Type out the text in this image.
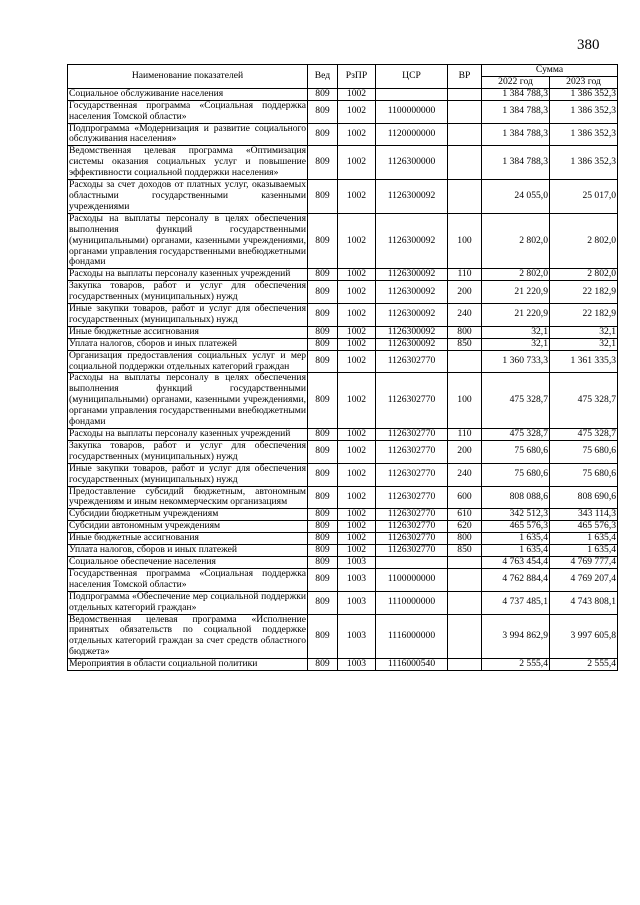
380
Наименование показателей	Вед	РзПР	ЦСР	ВР	Сумма	
					2022 год	2023 год
Социальное обслуживание населения	809	1002			1 384 788,3	1 386 352,3
Государственная программа «Социальная поддержка населения Томской области»	809	1002	1100000000		1 384 788,3	1 386 352,3
Подпрограмма «Модернизация и развитие социального обслуживания населения»	809	1002	1120000000		1 384 788,3	1 386 352,3
Ведомственная целевая программа «Оптимизация системы оказания социальных услуг и повышение эффективности социальной поддержки населения»	809	1002	1126300000		1 384 788,3	1 386 352,3
Расходы за счет доходов от платных услуг, оказываемых областными государственными казенными учреждениями	809	1002	1126300092		24 055,0	25 017,0
Расходы на выплаты персоналу в целях обеспечения выполнения функций государственными (муниципальными) органами, казенными учреждениями, органами управления государственными внебюджетными фондами	809	1002	1126300092	100	2 802,0	2 802,0
Расходы на выплаты персоналу казенных учреждений	809	1002	1126300092	110	2 802,0	2 802,0
Закупка товаров, работ и услуг для обеспечения государственных (муниципальных) нужд	809	1002	1126300092	200	21 220,9	22 182,9
Иные закупки товаров, работ и услуг для обеспечения государственных (муниципальных) нужд	809	1002	1126300092	240	21 220,9	22 182,9
Иные бюджетные ассигнования	809	1002	1126300092	800	32,1	32,1
Уплата налогов, сборов и иных платежей	809	1002	1126300092	850	32,1	32,1
Организация предоставления социальных услуг и мер социальной поддержки отдельных категорий граждан	809	1002	1126302770		1 360 733,3	1 361 335,3
Расходы на выплаты персоналу в целях обеспечения выполнения функций государственными (муниципальными) органами, казенными учреждениями, органами управления государственными внебюджетными фондами	809	1002	1126302770	100	475 328,7	475 328,7
Расходы на выплаты персоналу казенных учреждений	809	1002	1126302770	110	475 328,7	475 328,7
Закупка товаров, работ и услуг для обеспечения государственных (муниципальных) нужд	809	1002	1126302770	200	75 680,6	75 680,6
Иные закупки товаров, работ и услуг для обеспечения государственных (муниципальных) нужд	809	1002	1126302770	240	75 680,6	75 680,6
Предоставление субсидий бюджетным, автономным учреждениям и иным некоммерческим организациям	809	1002	1126302770	600	808 088,6	808 690,6
Субсидии бюджетным учреждениям	809	1002	1126302770	610	342 512,3	343 114,3
Субсидии автономным учреждениям	809	1002	1126302770	620	465 576,3	465 576,3
Иные бюджетные ассигнования	809	1002	1126302770	800	1 635,4	1 635,4
Уплата налогов, сборов и иных платежей	809	1002	1126302770	850	1 635,4	1 635,4
Социальное обеспечение населения	809	1003			4 763 454,4	4 769 777,4
Государственная программа «Социальная поддержка населения Томской области»	809	1003	1100000000		4 762 884,4	4 769 207,4
Подпрограмма «Обеспечение мер социальной поддержки отдельных категорий граждан»	809	1003	1110000000		4 737 485,1	4 743 808,1
Ведомственная целевая программа «Исполнение принятых обязательств по социальной поддержке отдельных категорий граждан за счет средств областного бюджета»	809	1003	1116000000		3 994 862,9	3 997 605,8
Мероприятия в области социальной политики	809	1003	1116000540		2 555,4	2 555,4
